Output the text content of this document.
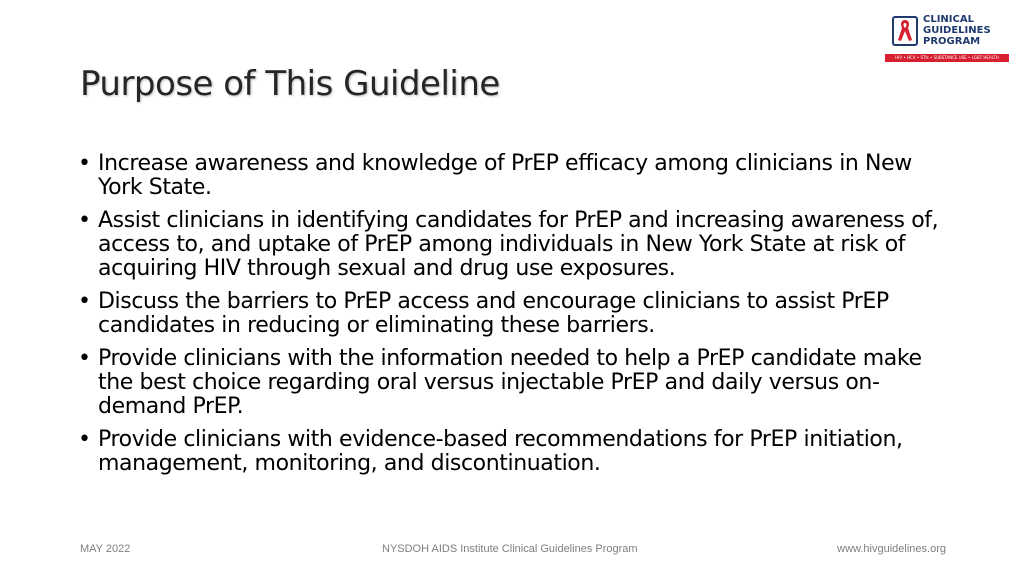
CLINICAL
GUIDELINES
PROGRAM
HIV • HCV • STIs • SUBSTANCE USE • LGBT HEALTH
Purpose of This Guideline
• Increase awareness and knowledge of PrEP efficacy among clinicians in New York State.
• Assist clinicians in identifying candidates for PrEP and increasing awareness of, access to, and uptake of PrEP among individuals in New York State at risk of acquiring HIV through sexual and drug use exposures.
• Discuss the barriers to PrEP access and encourage clinicians to assist PrEP candidates in reducing or eliminating these barriers.
• Provide clinicians with the information needed to help a PrEP candidate make the best choice regarding oral versus injectable PrEP and daily versus on-demand PrEP.
• Provide clinicians with evidence-based recommendations for PrEP initiation, management, monitoring, and discontinuation.
MAY 2022	NYSDOH AIDS Institute Clinical Guidelines Program	www.hivguidelines.org
